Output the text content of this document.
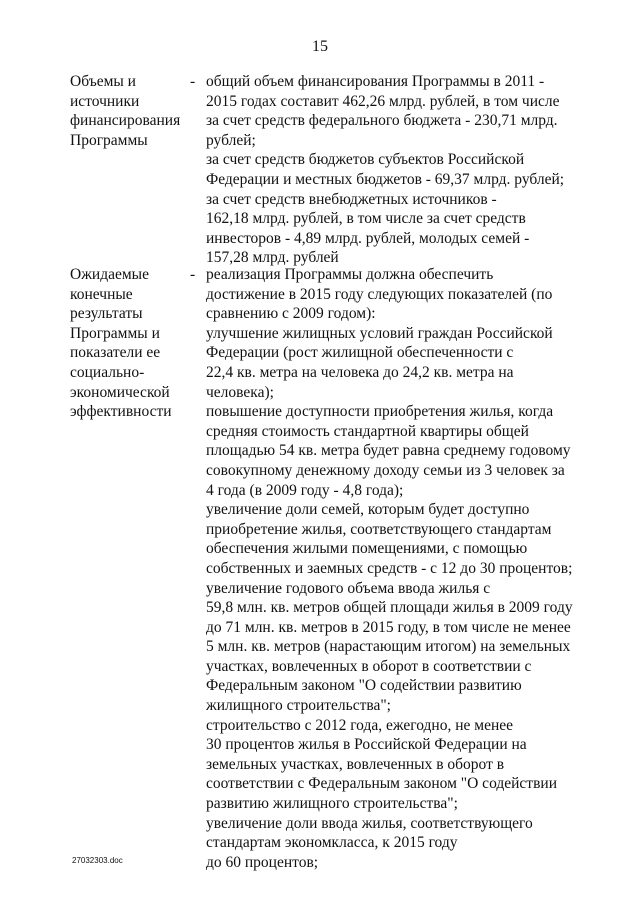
15
Объемы и
источники
финансирования
Программы
- общий объем финансирования Программы в 2011 -
2015 годах составит 462,26 млрд. рублей, в том числе
за счет средств федерального бюджета - 230,71 млрд.
рублей;
за счет средств бюджетов субъектов Российской
Федерации и местных бюджетов - 69,37 млрд. рублей;
за счет средств внебюджетных источников -
162,18 млрд. рублей, в том числе за счет средств
инвесторов - 4,89 млрд. рублей, молодых семей -
157,28 млрд. рублей
Ожидаемые
конечные
результаты
Программы и
показатели ее
социально-
экономической
эффективности
- реализация Программы должна обеспечить
достижение в 2015 году следующих показателей (по
сравнению с 2009 годом):
улучшение жилищных условий граждан Российской
Федерации (рост жилищной обеспеченности с
22,4 кв. метра на человека до 24,2 кв. метра на
человека);
повышение доступности приобретения жилья, когда
средняя стоимость стандартной квартиры общей
площадью 54 кв. метра будет равна среднему годовому
совокупному денежному доходу семьи из 3 человек за
4 года (в 2009 году - 4,8 года);
увеличение доли семей, которым будет доступно
приобретение жилья, соответствующего стандартам
обеспечения жилыми помещениями, с помощью
собственных и заемных средств - с 12 до 30 процентов;
увеличение годового объема ввода жилья с
59,8 млн. кв. метров общей площади жилья в 2009 году
до 71 млн. кв. метров в 2015 году, в том числе не менее
5 млн. кв. метров (нарастающим итогом) на земельных
участках, вовлеченных в оборот в соответствии с
Федеральным законом "О содействии развитию
жилищного строительства";
строительство с 2012 года, ежегодно, не менее
30 процентов жилья в Российской Федерации на
земельных участках, вовлеченных в оборот в
соответствии с Федеральным законом "О содействии
развитию жилищного строительства";
увеличение доли ввода жилья, соответствующего
стандартам экономкласса, к 2015 году
до 60 процентов;
27032303.doc
